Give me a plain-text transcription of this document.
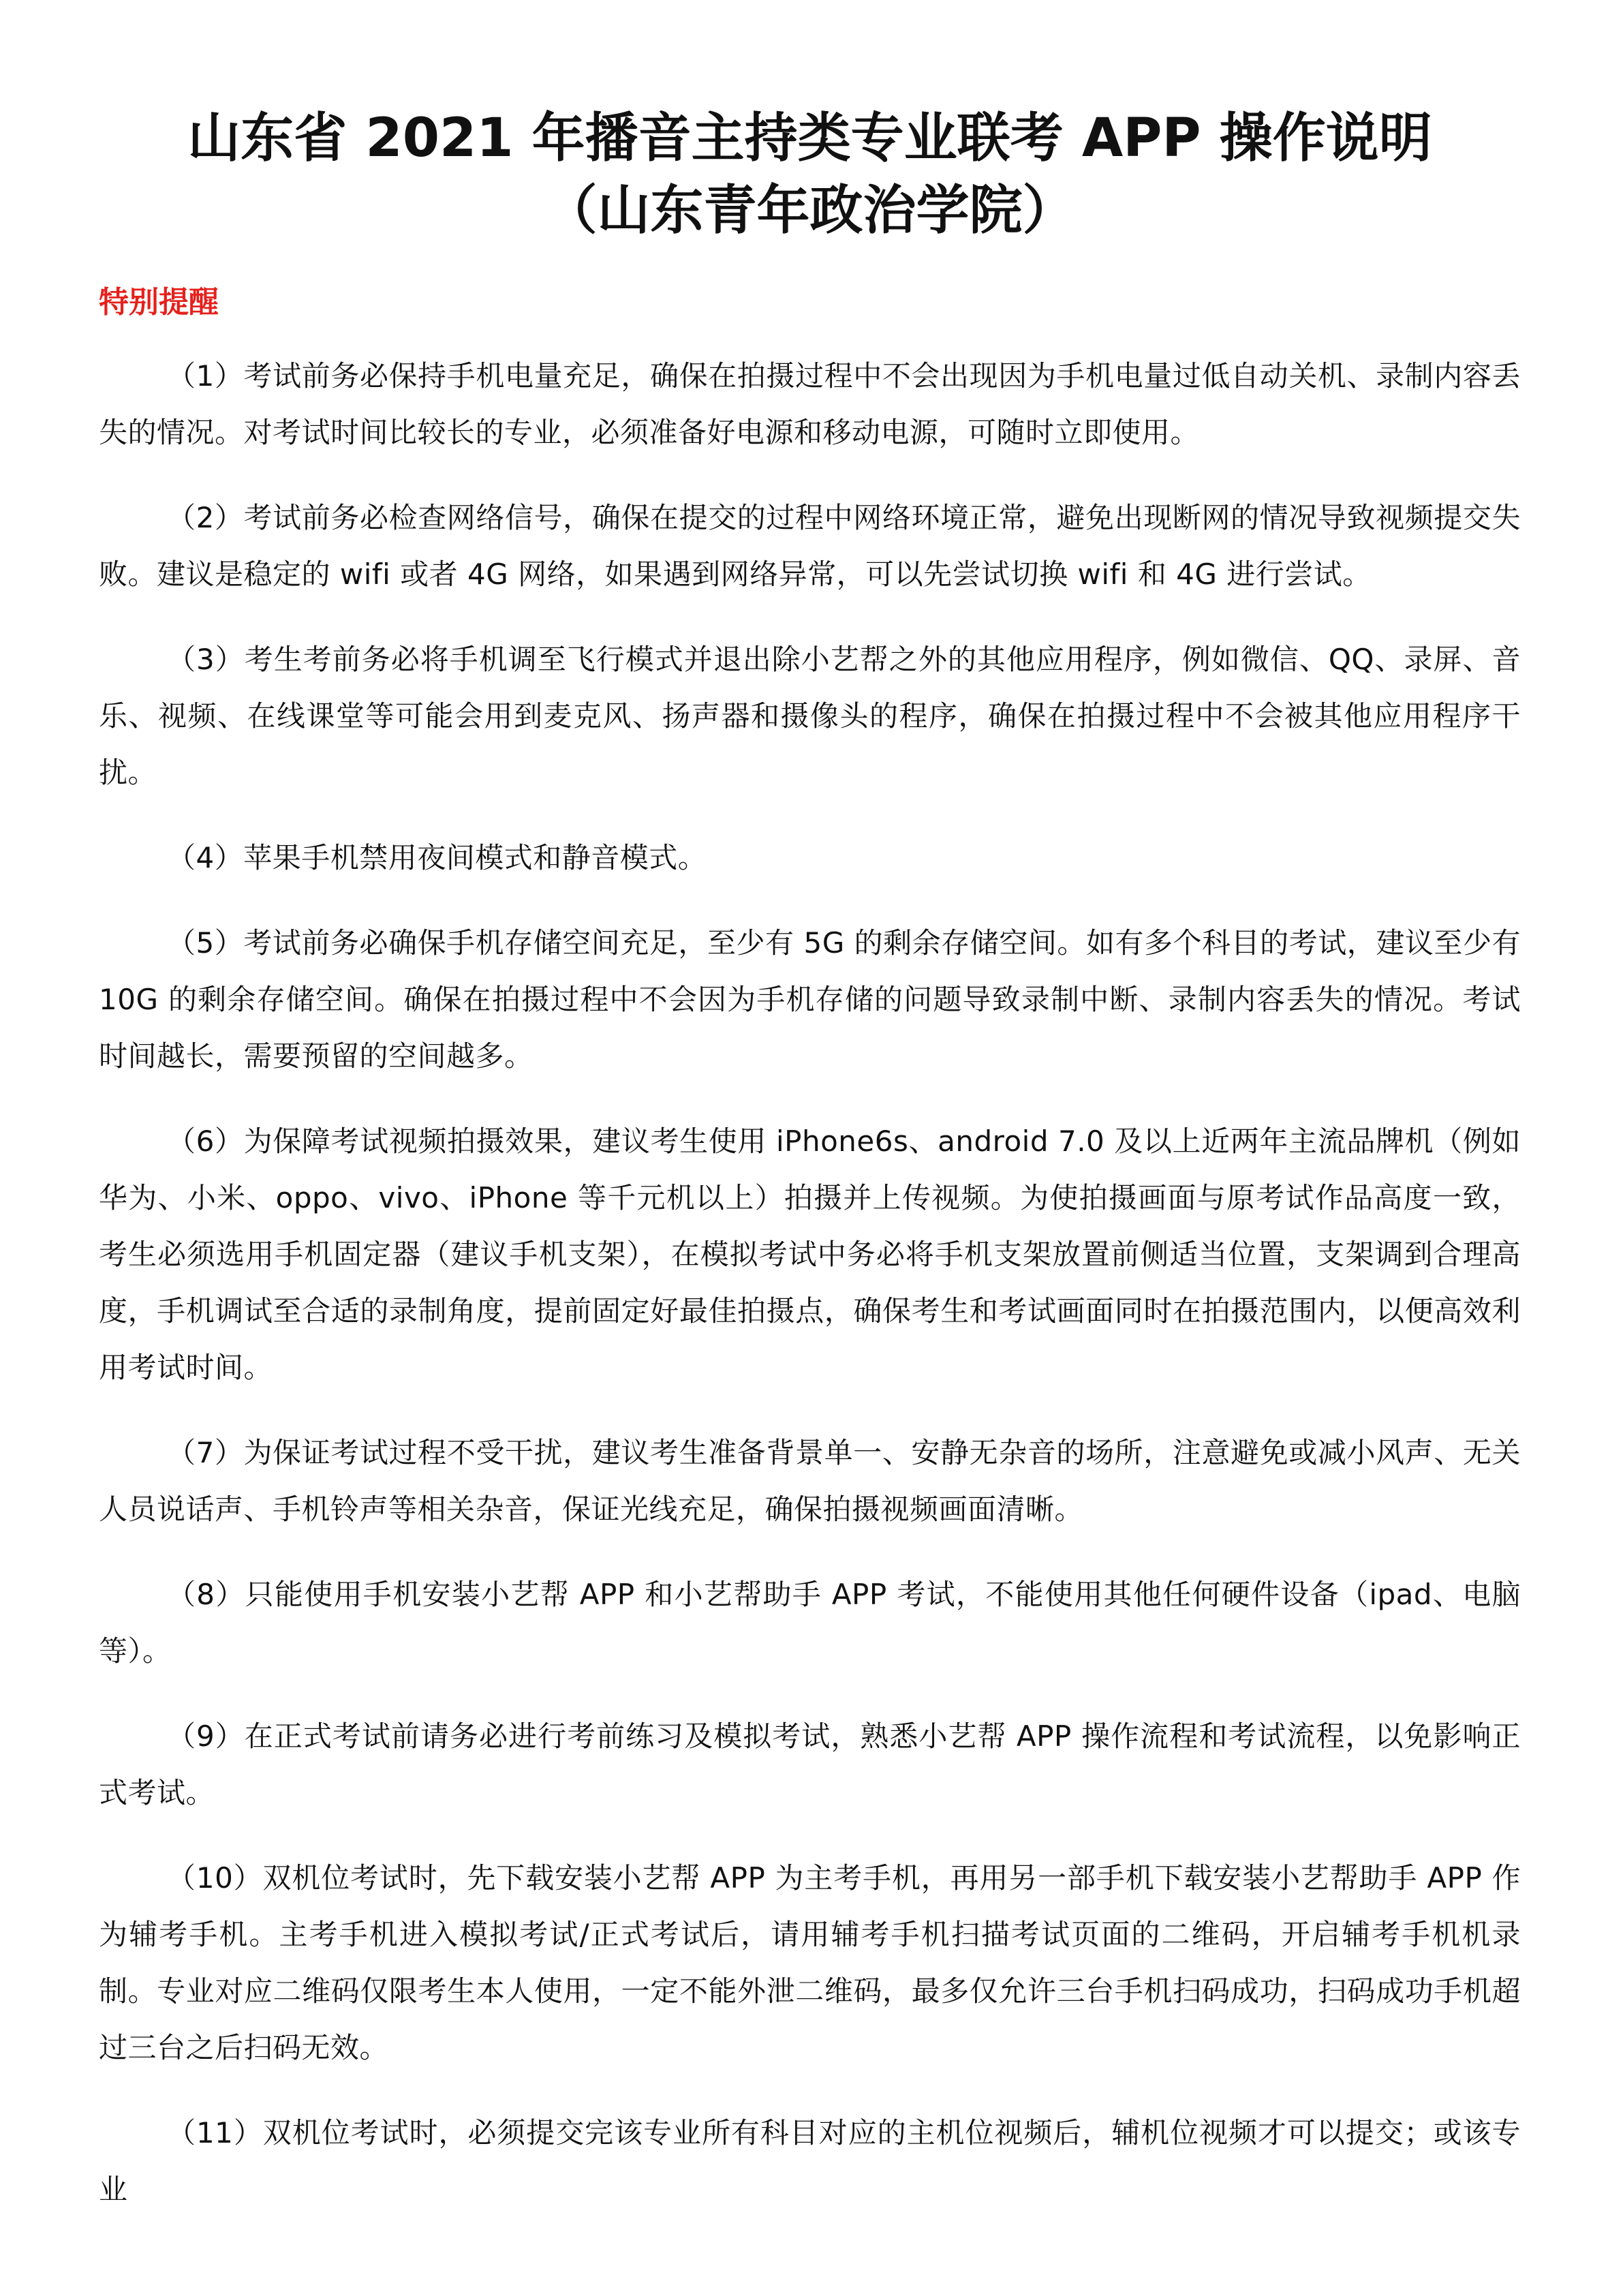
山东省 2021 年播音主持类专业联考 APP 操作说明
（山东青年政治学院）
特别提醒

（1）考试前务必保持手机电量充足，确保在拍摄过程中不会出现因为手机电量过低自动关机、录制内容丢失的情况。对考试时间比较长的专业，必须准备好电源和移动电源，可随时立即使用。

（2）考试前务必检查网络信号，确保在提交的过程中网络环境正常，避免出现断网的情况导致视频提交失败。建议是稳定的 wifi 或者 4G 网络，如果遇到网络异常，可以先尝试切换 wifi 和 4G 进行尝试。

（3）考生考前务必将手机调至飞行模式并退出除小艺帮之外的其他应用程序，例如微信、QQ、录屏、音乐、视频、在线课堂等可能会用到麦克风、扬声器和摄像头的程序，确保在拍摄过程中不会被其他应用程序干扰。

（4）苹果手机禁用夜间模式和静音模式。

（5）考试前务必确保手机存储空间充足，至少有 5G 的剩余存储空间。如有多个科目的考试，建议至少有 10G 的剩余存储空间。确保在拍摄过程中不会因为手机存储的问题导致录制中断、录制内容丢失的情况。考试时间越长，需要预留的空间越多。

（6）为保障考试视频拍摄效果，建议考生使用 iPhone6s、android 7.0 及以上近两年主流品牌机（例如华为、小米、oppo、vivo、iPhone 等千元机以上）拍摄并上传视频。为使拍摄画面与原考试作品高度一致，考生必须选用手机固定器（建议手机支架），在模拟考试中务必将手机支架放置前侧适当位置，支架调到合理高度，手机调试至合适的录制角度，提前固定好最佳拍摄点，确保考生和考试画面同时在拍摄范围内，以便高效利用考试时间。

（7）为保证考试过程不受干扰，建议考生准备背景单一、安静无杂音的场所，注意避免或减小风声、无关人员说话声、手机铃声等相关杂音，保证光线充足，确保拍摄视频画面清晰。

（8）只能使用手机安装小艺帮 APP 和小艺帮助手 APP 考试，不能使用其他任何硬件设备（ipad、电脑等）。

（9）在正式考试前请务必进行考前练习及模拟考试，熟悉小艺帮 APP 操作流程和考试流程，以免影响正式考试。

（10）双机位考试时，先下载安装小艺帮 APP 为主考手机，再用另一部手机下载安装小艺帮助手 APP 作为辅考手机。主考手机进入模拟考试/正式考试后，请用辅考手机扫描考试页面的二维码，开启辅考手机机录制。专业对应二维码仅限考生本人使用，一定不能外泄二维码，最多仅允许三台手机扫码成功，扫码成功手机超过三台之后扫码无效。

（11）双机位考试时，必须提交完该专业所有科目对应的主机位视频后，辅机位视频才可以提交；或该专业
